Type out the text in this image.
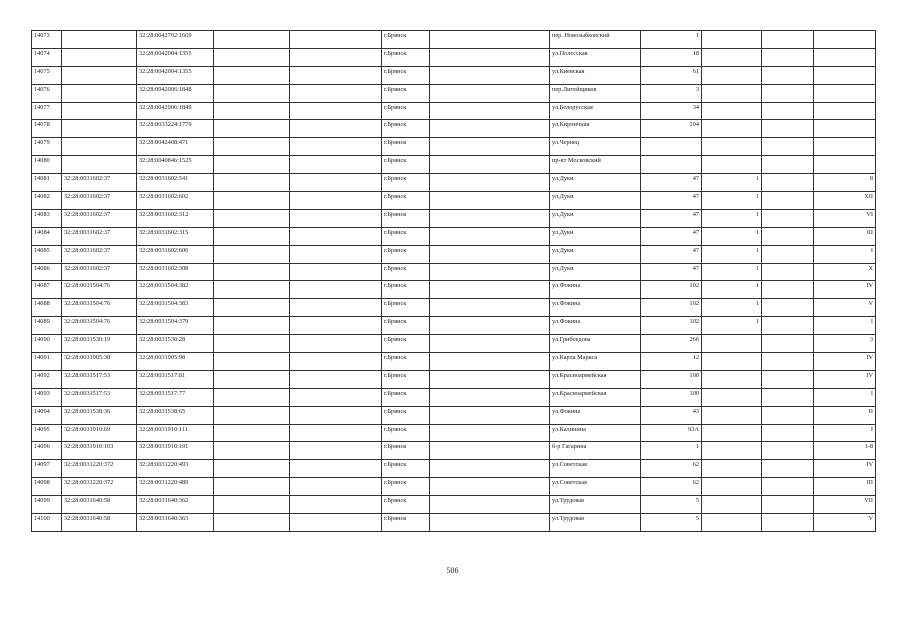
14073		32:28:0042702:1669			г.Брянск		пер. Новозыбковский	1			
14074		32:28:0042004:1351			г.Брянск		ул.Полесская	18			
14075		32:28:0042004:1355			г.Брянск		ул.Киевская	61			
14076		32:28:0042006:1848			г.Брянск		пер.Литейщиков	3			
14077		32:28:0042006:1849			г.Брянск		ул.Белорусская	34			
14078		32:28:0033224:1779			г.Брянск		ул.Кирпичная	104			
14079		32:28:0042408:471			г.Брянск		ул.Чернец				
14080		32:28:0040846:1525			г.Брянск		пр-кт Московский				
14081	32:28:0031602:37	32:28:0031602:541			г.Брянск		ул.Дуки	47	1		8
14082	32:28:0031602:37	32:28:0031602:602			г.Брянск		ул.Дуки	47	1		XII
14083	32:28:0031602:37	32:28:0031602:312			г.Брянск		ул.Дуки	47	1		VI
14084	32:28:0031602:37	32:28:0031602:315			г.Брянск		ул.Дуки	47	1		III
14085	32:28:0031602:37	32:28:0031602:606			г.Брянск		ул.Дуки	47	1		I
14086	32:28:0031602:37	32:28:0031602:308			г.Брянск		ул.Дуки	47	1		X
14087	32:28:0031504:76	32:28:0031504:382			г.Брянск		ул.Фокина	102	1		IV
14088	32:28:0031504:76	32:28:0031504:383			г.Брянск		ул.Фокина	102	1		V
14089	32:28:0031504:76	32:28:0031504:379			г.Брянск		ул.Фокина	102	1		I
14090	32:28:0031530:19	32:28:0031530:28			г.Брянск		ул.Грибоедова	26б			3
14091	32:28:0031905:38	32:28:0031905:98			г.Брянск		ул.Карла Маркса	12			IV
14092	32:28:0031517:53	32:28:0031517:81			г.Брянск		ул.Красноармейская	100			IV
14093	32:28:0031517:53	32:28:0031517:77			г.Брянск		ул.Красноармейская	100			I
14094	32:28:0031538:36	32:28:0031538:65			г.Брянск		ул.Фокина	43			II
14095	32:28:0031910:69	32:28:0031910:111			г.Брянск		ул.Калинина	93А			I
14096	32:28:0031910:103	32:28:0031910:191			г.Брянск		б-р Гагарина	1			1-8
14097	32:28:0031220:372	32:28:0031220:493			г.Брянск		ул.Советская	62			IV
14098	32:28:0031220:372	32:28:0031220:489			г.Брянск		ул.Советская	62			III
14099	32:28:0031640:58	32:28:0031640:362			г.Брянск		ул.Трудовая	5			VII
14100	32:28:0031640:58	32:28:0031640:363			г.Брянск		ул.Трудовая	5			V
506
